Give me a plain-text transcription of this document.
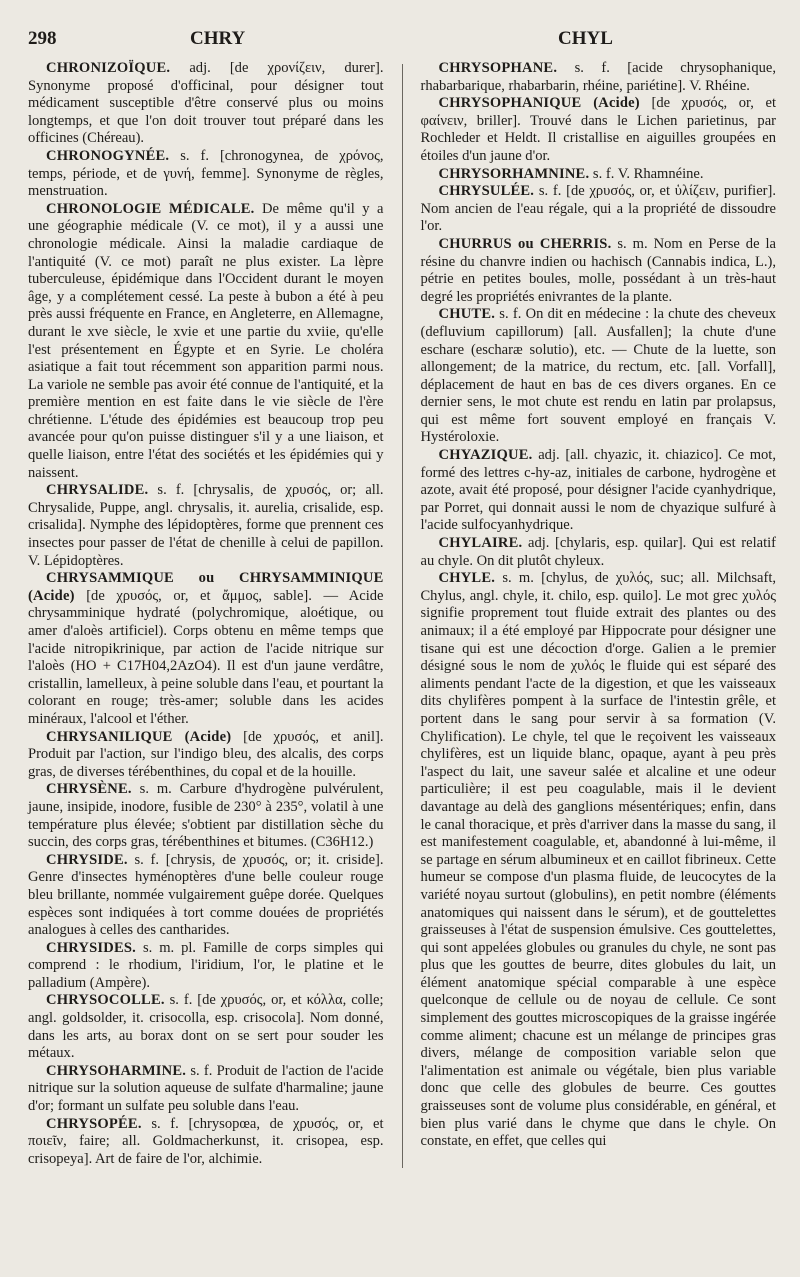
298	CHRY	CHYL

CHRONIZOÏQUE. adj. [de χρονίζειν, durer]. Synonyme proposé d'officinal, pour désigner tout médicament susceptible d'être conservé plus ou moins longtemps, et que l'on doit trouver tout préparé dans les officines (Chéreau).

CHRONOGYNÉE. s. f. [chronogynea, de χρόνος, temps, période, et de γυνή, femme]. Synonyme de règles, menstruation.

CHRONOLOGIE MÉDICALE. De même qu'il y a une géographie médicale (V. ce mot), il y a aussi une chronologie médicale. Ainsi la maladie cardiaque de l'antiquité (V. ce mot) paraît ne plus exister. La lèpre tuberculeuse, épidémique dans l'Occident durant le moyen âge, y a complétement cessé. La peste à bubon a été à peu près aussi fréquente en France, en Angleterre, en Allemagne, durant le xve siècle, le xvie et une partie du xviie, qu'elle l'est présentement en Égypte et en Syrie. Le choléra asiatique a fait tout récemment son apparition parmi nous. La variole ne semble pas avoir été connue de l'antiquité, et la première mention en est faite dans le vie siècle de l'ère chrétienne. L'étude des épidémies est beaucoup trop peu avancée pour qu'on puisse distinguer s'il y a une liaison, et quelle liaison, entre l'état des sociétés et les épidémies qui y naissent.

CHRYSALIDE. s. f. [chrysalis, de χρυσός, or; all. Chrysalide, Puppe, angl. chrysalis, it. aurelia, crisalide, esp. crisalida]. Nymphe des lépidoptères, forme que prennent ces insectes pour passer de l'état de chenille à celui de papillon. V. Lépidoptères.

CHRYSAMMIQUE ou CHRYSAMMINIQUE (Acide) [de χρυσός, or, et ἄμμος, sable]. — Acide chrysamminique hydraté (polychromique, aloétique, ou amer d'aloès artificiel). Corps obtenu en même temps que l'acide nitropikrinique, par action de l'acide nitrique sur l'aloès (HO + C17H04,2AzO4). Il est d'un jaune verdâtre, cristallin, lamelleux, à peine soluble dans l'eau, et pourtant la colorant en rouge; très-amer; soluble dans les acides minéraux, l'alcool et l'éther.

CHRYSANILIQUE (Acide) [de χρυσός, et anil]. Produit par l'action, sur l'indigo bleu, des alcalis, des corps gras, de diverses térébenthines, du copal et de la houille.

CHRYSÈNE. s. m. Carbure d'hydrogène pulvérulent, jaune, insipide, inodore, fusible de 230° à 235°, volatil à une température plus élevée; s'obtient par distillation sèche du succin, des corps gras, térébenthines et bitumes. (C36H12.)

CHRYSIDE. s. f. [chrysis, de χρυσός, or; it. criside]. Genre d'insectes hyménoptères d'une belle couleur rouge bleu brillante, nommée vulgairement guêpe dorée. Quelques espèces sont indiquées à tort comme douées de propriétés analogues à celles des cantharides.

CHRYSIDES. s. m. pl. Famille de corps simples qui comprend : le rhodium, l'iridium, l'or, le platine et le palladium (Ampère).

CHRYSOCOLLE. s. f. [de χρυσός, or, et κόλλα, colle; angl. goldsolder, it. crisocolla, esp. crisocola]. Nom donné, dans les arts, au borax dont on se sert pour souder les métaux.

CHRYSOHARMINE. s. f. Produit de l'action de l'acide nitrique sur la solution aqueuse de sulfate d'harmaline; jaune d'or; formant un sulfate peu soluble dans l'eau.

CHRYSOPÉE. s. f. [chrysopœa, de χρυσός, or, et ποιεῖν, faire; all. Goldmacherkunst, it. crisopea, esp. crisopeya]. Art de faire de l'or, alchimie.

CHRYSOPHANE. s. f. [acide chrysophanique, rhabarbarique, rhabarbarin, rhéine, pariétine]. V. Rhéine.

CHRYSOPHANIQUE (Acide) [de χρυσός, or, et φαίνειν, briller]. Trouvé dans le Lichen parietinus, par Rochleder et Heldt. Il cristallise en aiguilles groupées en étoiles d'un jaune d'or.

CHRYSORHAMNINE. s. f. V. Rhamnéine.

CHRYSULÉE. s. f. [de χρυσός, or, et ὑλίζειν, purifier]. Nom ancien de l'eau régale, qui a la propriété de dissoudre l'or.

CHURRUS ou CHERRIS. s. m. Nom en Perse de la résine du chanvre indien ou hachisch (Cannabis indica, L.), pétrie en petites boules, molle, possédant à un très-haut degré les propriétés enivrantes de la plante.

CHUTE. s. f. On dit en médecine : la chute des cheveux (defluvium capillorum) [all. Ausfallen]; la chute d'une eschare (escharæ solutio), etc. — Chute de la luette, son allongement; de la matrice, du rectum, etc. [all. Vorfall], déplacement de haut en bas de ces divers organes. En ce dernier sens, le mot chute est rendu en latin par prolapsus, qui est même fort souvent employé en français V. Hystéroloxie.

CHYAZIQUE. adj. [all. chyazic, it. chiazico]. Ce mot, formé des lettres c-hy-az, initiales de carbone, hydrogène et azote, avait été proposé, pour désigner l'acide cyanhydrique, par Porret, qui donnait aussi le nom de chyazique sulfuré à l'acide sulfocyanhydrique.

CHYLAIRE. adj. [chylaris, esp. quilar]. Qui est relatif au chyle. On dit plutôt chyleux.

CHYLE. s. m. [chylus, de χυλός, suc; all. Milchsaft, Chylus, angl. chyle, it. chilo, esp. quilo]. Le mot grec χυλός signifie proprement tout fluide extrait des plantes ou des animaux; il a été employé par Hippocrate pour désigner une tisane qui est une décoction d'orge. Galien a le premier désigné sous le nom de χυλός le fluide qui est séparé des aliments pendant l'acte de la digestion, et que les vaisseaux dits chylifères pompent à la surface de l'intestin grêle, et portent dans le sang pour servir à sa formation (V. Chylification). Le chyle, tel que le reçoivent les vaisseaux chylifères, est un liquide blanc, opaque, ayant à peu près l'aspect du lait, une saveur salée et alcaline et une odeur particulière; il est peu coagulable, mais il le devient davantage au delà des ganglions mésentériques; enfin, dans le canal thoracique, et près d'arriver dans la masse du sang, il est manifestement coagulable, et, abandonné à lui-même, il se partage en sérum albumineux et en caillot fibrineux. Cette humeur se compose d'un plasma fluide, de leucocytes de la variété noyau surtout (globulins), en petit nombre (éléments anatomiques qui naissent dans le sérum), et de gouttelettes graisseuses à l'état de suspension émulsive. Ces gouttelettes, qui sont appelées globules ou granules du chyle, ne sont pas plus que les gouttes de beurre, dites globules du lait, un élément anatomique spécial comparable à une espèce quelconque de cellule ou de noyau de cellule. Ce sont simplement des gouttes microscopiques de la graisse ingérée comme aliment; chacune est un mélange de principes gras divers, mélange de composition variable selon que l'alimentation est animale ou végétale, bien plus variable donc que celle des globules de beurre. Ces gouttes graisseuses sont de volume plus considérable, en général, et bien plus varié dans le chyme que dans le chyle. On constate, en effet, que celles qui
